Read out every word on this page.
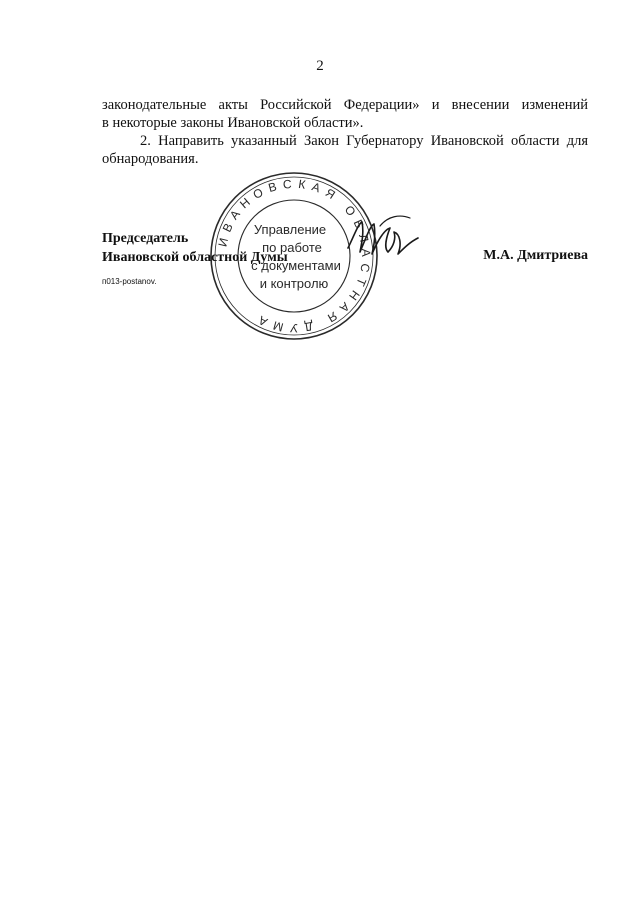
2

законодательные акты Российской Федерации» и внесении изменений

в некоторые законы Ивановской области».

2. Направить указанный Закон Губернатору Ивановской области для обнародования.

ИВАНОВСКАЯ ОБЛАСТНАЯ ДУМА
Управление
по работе
с документами
и контролю
Председатель
Ивановской областной Думы	М.А. Дмитриева
п013-postanov.
